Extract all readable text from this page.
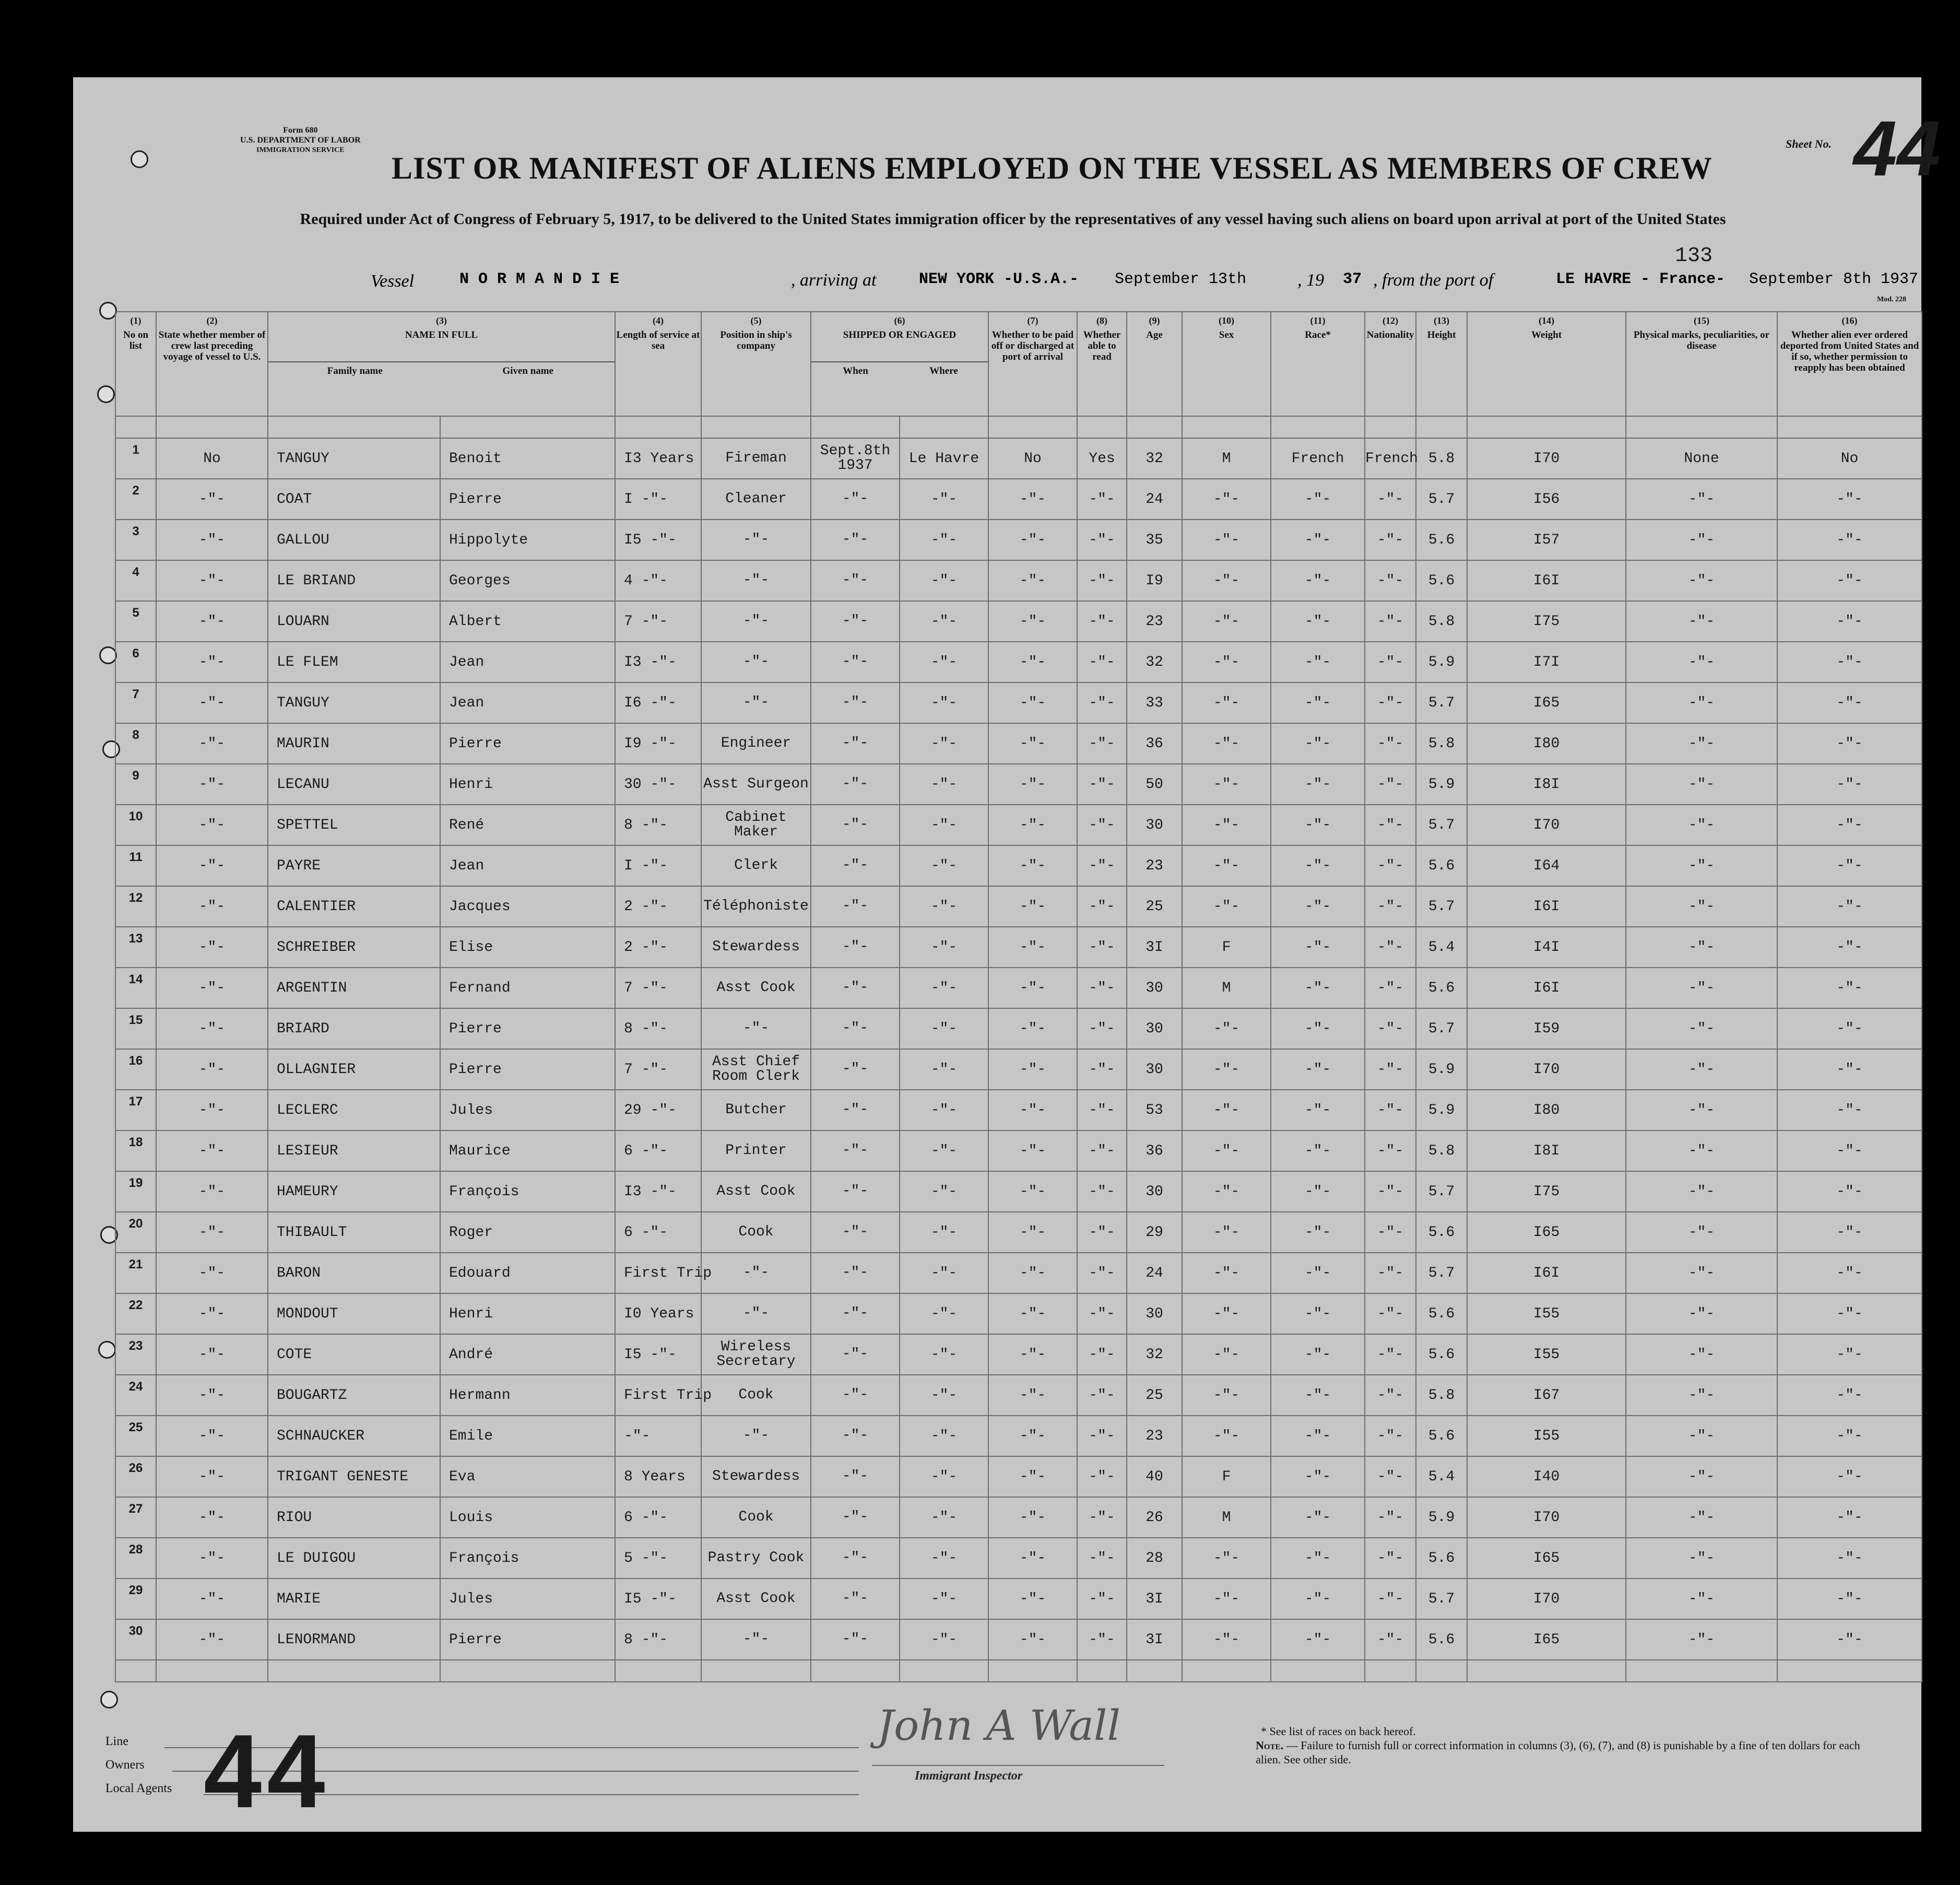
Form 680
U.S. DEPARTMENT OF LABOR
IMMIGRATION SERVICE
LIST OR MANIFEST OF ALIENS EMPLOYED ON THE VESSEL AS MEMBERS OF CREW
Sheet No. 44
Required under Act of Congress of February 5, 1917, to be delivered to the United States immigration officer by the representatives of any vessel having such aliens on board upon arrival at port of the United States
133
Vessel	N O R M A N D I E	, arriving at	NEW YORK -U.S.A.- September 13th	, 19 37 , from the port of	LE HAVRE - France- September 8th 1937
Mod. 228
(1)
No on list	(2)
State whether member of crew last preceding voyage of vessel to U.S.	(3)
NAME IN FULL
Family name Given name		(4)
Length of service at sea	(5)
Position in ship's company	(6)
SHIPPED OR ENGAGED
When Where		(7)
Whether to be paid off or discharged at port of arrival	(8)
Whether able to read	(9)
Age	(10)
Sex	(11)
Race*	(12)
Nationality	(13)
Height	(14)
Weight	(15)
Physical marks, peculiarities, or disease	(16)
Whether alien ever ordered deported from United States and if so, whether permission to reapply has been obtained	

1	No	TANGUY	Benoit	I3 Years	Fireman	Sept.8th 1937	Le Havre	No	Yes	32	M	French	French	5.8	I70	None	No	
2	-"-	COAT	Pierre	I -"-	Cleaner	-"-	-"-	-"-	-"-	24	-"-	-"-	-"-	5.7	I56	-"-	-"-	
3	-"-	GALLOU	Hippolyte	I5 -"-	-"-	-"-	-"-	-"-	-"-	35	-"-	-"-	-"-	5.6	I57	-"-	-"-	
4	-"-	LE BRIAND	Georges	4 -"-	-"-	-"-	-"-	-"-	-"-	I9	-"-	-"-	-"-	5.6	I6I	-"-	-"-	
5	-"-	LOUARN	Albert	7 -"-	-"-	-"-	-"-	-"-	-"-	23	-"-	-"-	-"-	5.8	I75	-"-	-"-	
6	-"-	LE FLEM	Jean	I3 -"-	-"-	-"-	-"-	-"-	-"-	32	-"-	-"-	-"-	5.9	I7I	-"-	-"-	
7	-"-	TANGUY	Jean	I6 -"-	-"-	-"-	-"-	-"-	-"-	33	-"-	-"-	-"-	5.7	I65	-"-	-"-	
8	-"-	MAURIN	Pierre	I9 -"-	Engineer	-"-	-"-	-"-	-"-	36	-"-	-"-	-"-	5.8	I80	-"-	-"-	
9	-"-	LECANU	Henri	30 -"-	Asst Surgeon	-"-	-"-	-"-	-"-	50	-"-	-"-	-"-	5.9	I8I	-"-	-"-	
10	-"-	SPETTEL	René	8 -"-	Cabinet Maker	-"-	-"-	-"-	-"-	30	-"-	-"-	-"-	5.7	I70	-"-	-"-	
11	-"-	PAYRE	Jean	I -"-	Clerk	-"-	-"-	-"-	-"-	23	-"-	-"-	-"-	5.6	I64	-"-	-"-	
12	-"-	CALENTIER	Jacques	2 -"-	Téléphoniste	-"-	-"-	-"-	-"-	25	-"-	-"-	-"-	5.7	I6I	-"-	-"-	
13	-"-	SCHREIBER	Elise	2 -"-	Stewardess	-"-	-"-	-"-	-"-	3I	F	-"-	-"-	5.4	I4I	-"-	-"-	
14	-"-	ARGENTIN	Fernand	7 -"-	Asst Cook	-"-	-"-	-"-	-"-	30	M	-"-	-"-	5.6	I6I	-"-	-"-	
15	-"-	BRIARD	Pierre	8 -"-	-"-	-"-	-"-	-"-	-"-	30	-"-	-"-	-"-	5.7	I59	-"-	-"-	
16	-"-	OLLAGNIER	Pierre	7 -"-	Asst Chief Room Clerk	-"-	-"-	-"-	-"-	30	-"-	-"-	-"-	5.9	I70	-"-	-"-	
17	-"-	LECLERC	Jules	29 -"-	Butcher	-"-	-"-	-"-	-"-	53	-"-	-"-	-"-	5.9	I80	-"-	-"-	
18	-"-	LESIEUR	Maurice	6 -"-	Printer	-"-	-"-	-"-	-"-	36	-"-	-"-	-"-	5.8	I8I	-"-	-"-	
19	-"-	HAMEURY	François	I3 -"-	Asst Cook	-"-	-"-	-"-	-"-	30	-"-	-"-	-"-	5.7	I75	-"-	-"-	
20	-"-	THIBAULT	Roger	6 -"-	Cook	-"-	-"-	-"-	-"-	29	-"-	-"-	-"-	5.6	I65	-"-	-"-	
21	-"-	BARON	Edouard	First Trip	-"-	-"-	-"-	-"-	-"-	24	-"-	-"-	-"-	5.7	I6I	-"-	-"-	
22	-"-	MONDOUT	Henri	I0 Years	-"-	-"-	-"-	-"-	-"-	30	-"-	-"-	-"-	5.6	I55	-"-	-"-	
23	-"-	COTE	André	I5 -"-	Wireless Secretary	-"-	-"-	-"-	-"-	32	-"-	-"-	-"-	5.6	I55	-"-	-"-	
24	-"-	BOUGARTZ	Hermann	First Trip	Cook	-"-	-"-	-"-	-"-	25	-"-	-"-	-"-	5.8	I67	-"-	-"-	
25	-"-	SCHNAUCKER	Emile	-"-	-"-	-"-	-"-	-"-	-"-	23	-"-	-"-	-"-	5.6	I55	-"-	-"-	
26	-"-	TRIGANT GENESTE	Eva	8 Years	Stewardess	-"-	-"-	-"-	-"-	40	F	-"-	-"-	5.4	I40	-"-	-"-	
27	-"-	RIOU	Louis	6 -"-	Cook	-"-	-"-	-"-	-"-	26	M	-"-	-"-	5.9	I70	-"-	-"-	
28	-"-	LE DUIGOU	François	5 -"-	Pastry Cook	-"-	-"-	-"-	-"-	28	-"-	-"-	-"-	5.6	I65	-"-	-"-	
29	-"-	MARIE	Jules	I5 -"-	Asst Cook	-"-	-"-	-"-	-"-	3I	-"-	-"-	-"-	5.7	I70	-"-	-"-	
30	-"-	LENORMAND	Pierre	8 -"-	-"-	-"-	-"-	-"-	-"-	3I	-"-	-"-	-"-	5.6	I65	-"-	-"-	

Line
Owners
Local Agents 44	John A Wall
Immigrant Inspector
* See list of races on back hereof.
Note. — Failure to furnish full or correct information in columns (3), (6), (7), and (8) is punishable by a fine of ten dollars for each alien. See other side.
